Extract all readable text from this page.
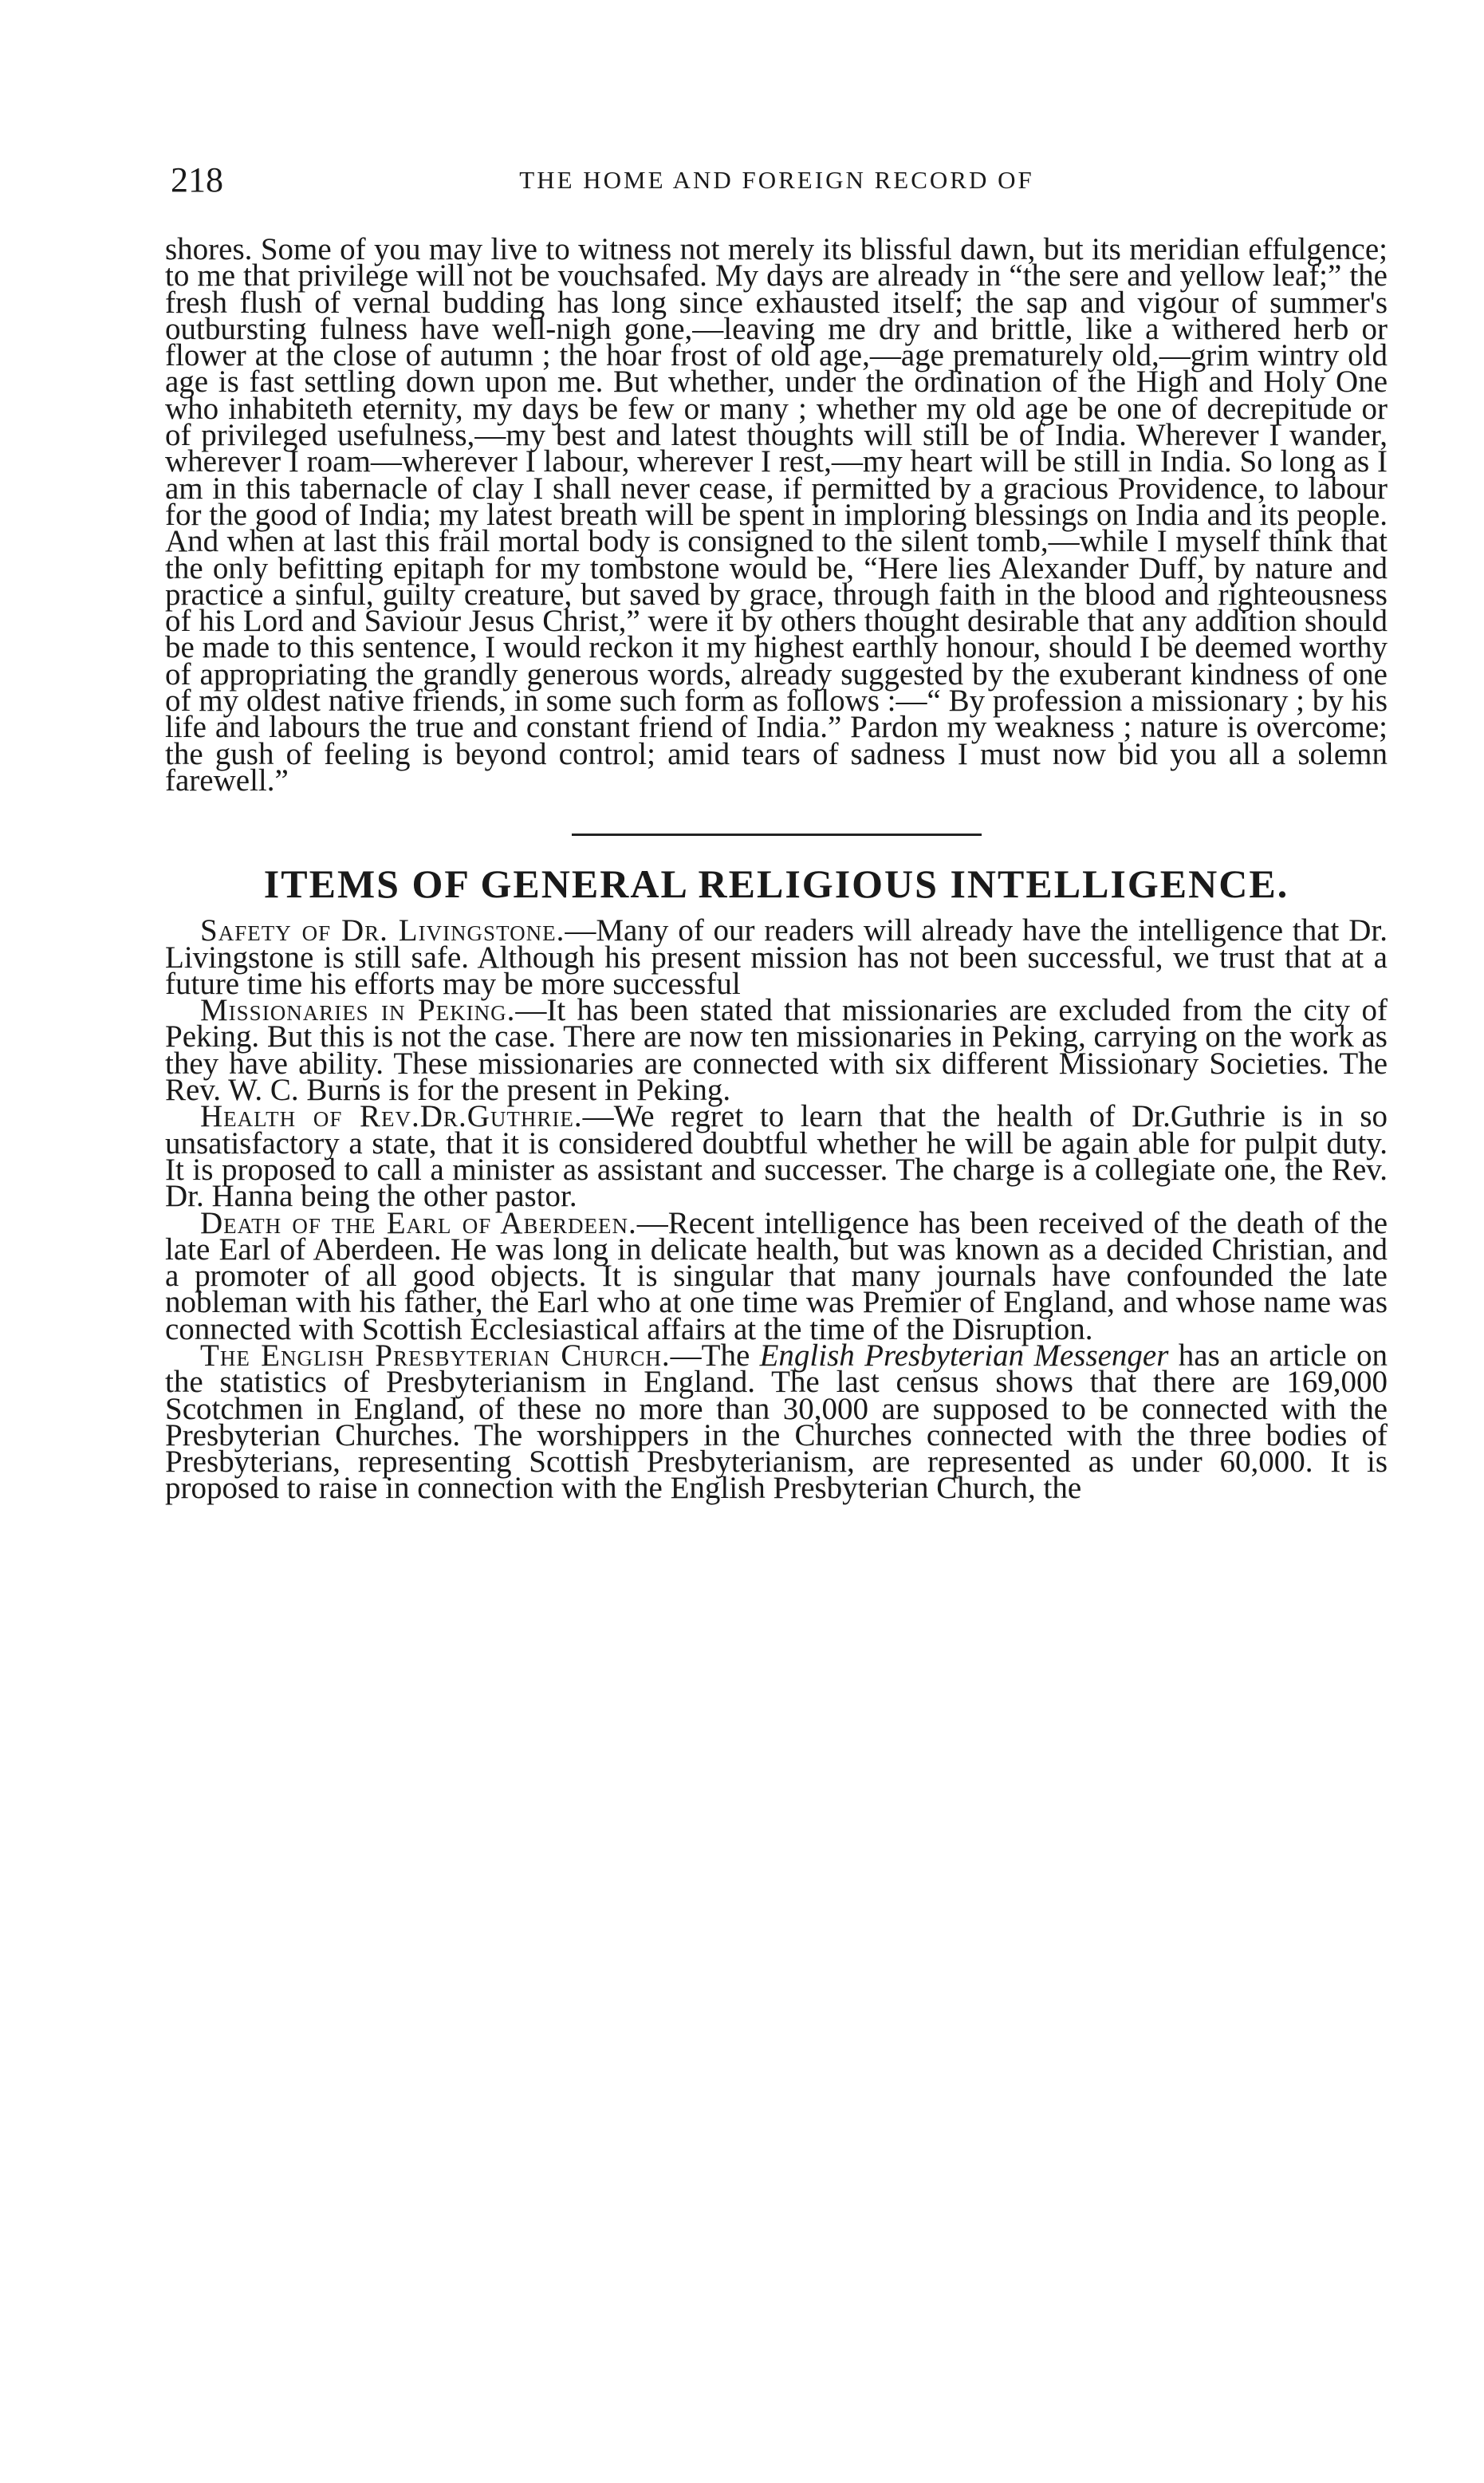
218	THE HOME AND FOREIGN RECORD OF

shores. Some of you may live to witness not merely its blissful dawn, but its meridian effulgence; to me that privilege will not be vouchsafed. My days are already in “the sere and yellow leaf;” the fresh flush of vernal budding has long since exhausted itself; the sap and vigour of summer's outbursting fulness have well-nigh gone,—leaving me dry and brittle, like a withered herb or flower at the close of autumn ; the hoar frost of old age,—age prematurely old,—grim wintry old age is fast settling down upon me. But whether, under the ordination of the High and Holy One who inhabiteth eternity, my days be few or many ; whether my old age be one of decrepitude or of privileged usefulness,—my best and latest thoughts will still be of India. Wherever I wander, wherever I roam—wherever I labour, wherever I rest,—my heart will be still in India. So long as I am in this tabernacle of clay I shall never cease, if permitted by a gracious Providence, to labour for the good of India; my latest breath will be spent in imploring blessings on India and its people. And when at last this frail mortal body is consigned to the silent tomb,—while I myself think that the only befitting epitaph for my tombstone would be, “Here lies Alexander Duff, by nature and practice a sinful, guilty creature, but saved by grace, through faith in the blood and righteousness of his Lord and Saviour Jesus Christ,” were it by others thought desirable that any addition should be made to this sentence, I would reckon it my highest earthly honour, should I be deemed worthy of appropriating the grandly generous words, already suggested by the exuberant kindness of one of my oldest native friends, in some such form as follows :—“ By profession a missionary ; by his life and labours the true and constant friend of India.” Pardon my weakness ; nature is overcome; the gush of feeling is beyond control; amid tears of sadness I must now bid you all a solemn farewell.”

ITEMS OF GENERAL RELIGIOUS INTELLIGENCE.

Safety of Dr. Livingstone.—Many of our readers will already have the intelligence that Dr. Livingstone is still safe. Although his present mission has not been successful, we trust that at a future time his efforts may be more successful

Missionaries in Peking.—It has been stated that missionaries are excluded from the city of Peking. But this is not the case. There are now ten missionaries in Peking, carrying on the work as they have ability. These missionaries are connected with six different Missionary Societies. The Rev. W. C. Burns is for the present in Peking.

Health of Rev.Dr.Guthrie.—We regret to learn that the health of Dr.Guthrie is in so unsatisfactory a state, that it is considered doubtful whether he will be again able for pulpit duty. It is proposed to call a minister as assistant and successer. The charge is a collegiate one, the Rev. Dr. Hanna being the other pastor.

Death of the Earl of Aberdeen.—Recent intelligence has been received of the death of the late Earl of Aberdeen. He was long in delicate health, but was known as a decided Christian, and a promoter of all good objects. It is singular that many journals have confounded the late nobleman with his father, the Earl who at one time was Premier of England, and whose name was connected with Scottish Ecclesiastical affairs at the time of the Disruption.

The English Presbyterian Church.—The English Presbyterian Messenger has an article on the statistics of Presbyterianism in England. The last census shows that there are 169,000 Scotchmen in England, of these no more than 30,000 are supposed to be connected with the Presbyterian Churches. The worshippers in the Churches connected with the three bodies of Presbyterians, representing Scottish Presbyterianism, are represented as under 60,000. It is proposed to raise in connection with the English Presbyterian Church, the
